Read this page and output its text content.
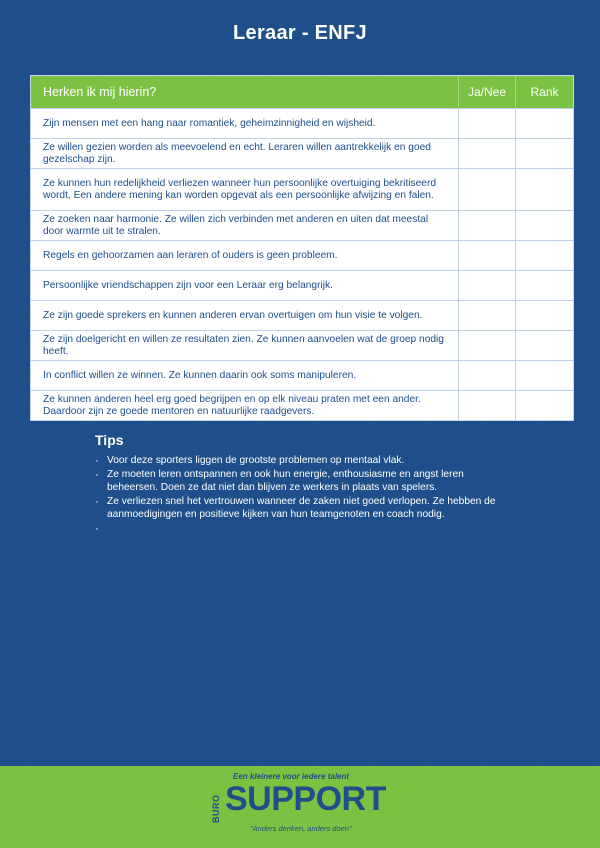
Leraar - ENFJ
Herken ik mij hierin?	Ja/Nee	Rank
Zijn mensen met een hang naar romantiek, geheimzinnigheid en wijsheid.
Ze willen gezien worden als meevoelend en echt. Leraren willen aantrekkelijk en goed gezelschap zijn.
Ze kunnen hun redelijkheid verliezen wanneer hun persoonlijke overtuiging bekritiseerd wordt, Een andere mening kan worden opgevat als een persoonlijke afwijzing en falen.
Ze zoeken naar harmonie. Ze willen zich verbinden met anderen en uiten dat meestal door warmte uit te stralen.
Regels en gehoorzamen aan leraren of ouders is geen probleem.
Persoonlijke vriendschappen zijn voor een Leraar erg belangrijk.
Ze zijn goede sprekers en kunnen anderen ervan overtuigen om hun visie te volgen.
Ze zijn doelgericht en willen ze resultaten zien. Ze kunnen aanvoelen wat de groep nodig heeft.
In conflict willen ze winnen. Ze kunnen daarin ook soms manipuleren.
Ze kunnen anderen heel erg goed begrijpen en op elk niveau praten met een ander. Daardoor zijn ze goede mentoren en natuurlijke raadgevers.
Tips
· Voor deze sporters liggen de grootste problemen op mentaal vlak.
· Ze moeten leren ontspannen en ook hun energie, enthousiasme en angst leren beheersen. Doen ze dat niet dan blijven ze werkers in plaats van spelers.
· Ze verliezen snel het vertrouwen wanneer de zaken niet goed verlopen. Ze hebben de aanmoedigingen en positieve kijken van hun teamgenoten en coach nodig.
·
Een kleinere voor iedere talent
BURO SUPPORT
"Anders denken, anders doen"
